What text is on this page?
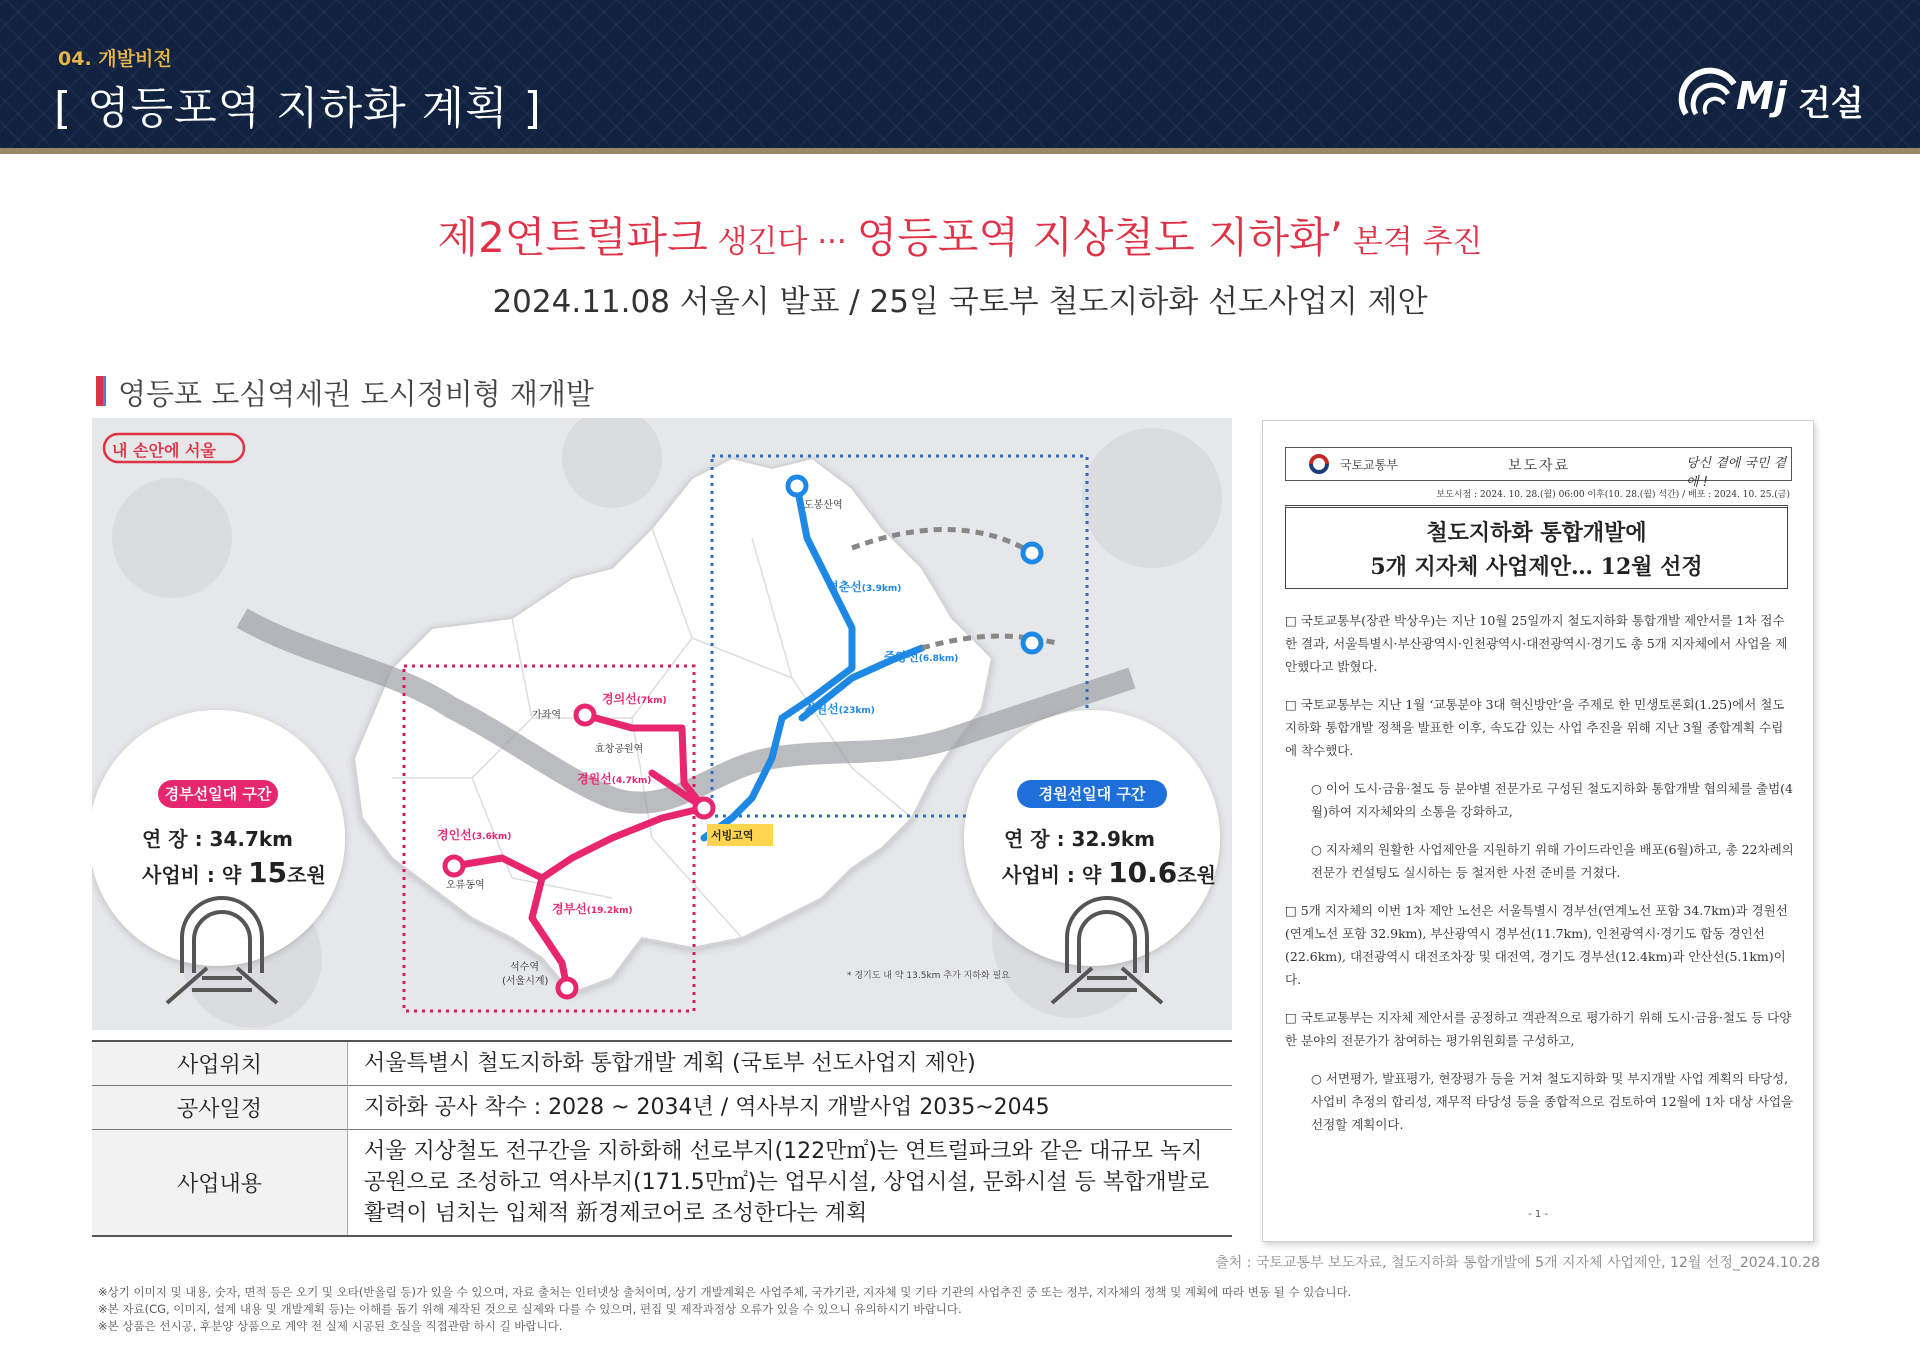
04. 개발비전
[ 영등포역 지하화 계획 ]	Mj 건설
제2연트럴파크 생긴다 ··· 영등포역 지상철도 지하화’ 본격 추진
2024.11.08 서울시 발표 / 25일 국토부 철도지하화 선도사업지 제안
영등포 도심역세권 도시정비형 재개발
내 손안에 서울
경부선일대 구간
연 장 : 34.7km
사업비 : 약 15조원
경원선일대 구간
연 장 : 32.9km
사업비 : 약 10.6조원
도봉산역
가좌역
효창공원역
서빙고역
오류동역
석수역
(서울시계)
경춘선(3.9km)
중앙선(6.8km)
경원선(23km)
경의선(7km)
경원선(4.7km)
경인선(3.6km)
경부선(19.2km)
* 경기도 내 약 13.5km 추가 지하화 필요
사업위치	서울특별시 철도지하화 통합개발 계획 (국토부 선도사업지 제안)
공사일정	지하화 공사 착수 : 2028 ~ 2034년 / 역사부지 개발사업 2035~2045
사업내용	서울 지상철도 전구간을 지하화해 선로부지(122만㎡)는 연트럴파크와 같은 대규모 녹지공원으로 조성하고 역사부지(171.5만㎡)는 업무시설, 상업시설, 문화시설 등 복합개발로 활력이 넘치는 입체적 新경제코어로 조성한다는 계획
국토교통부	보도자료	당신 곁에 국민 곁에 !
보도시점 : 2024. 10. 28.(월) 06:00 이후(10. 28.(월) 석간) / 배포 : 2024. 10. 25.(금)
철도지하화 통합개발에
5개 지자체 사업제안… 12월 선정

□ 국토교통부(장관 박상우)는 지난 10월 25일까지 철도지하화 통합개발 제안서를 1차 접수한 결과, 서울특별시·부산광역시·인천광역시·대전광역시·경기도 총 5개 지자체에서 사업을 제안했다고 밝혔다.

□ 국토교통부는 지난 1월 ‘교통분야 3대 혁신방안’을 주제로 한 민생토론회(1.25)에서 철도지하화 통합개발 정책을 발표한 이후, 속도감 있는 사업 추진을 위해 지난 3월 종합계획 수립에 착수했다.

○ 이어 도시·금융·철도 등 분야별 전문가로 구성된 철도지하화 통합개발 협의체를 출범(4월)하여 지자체와의 소통을 강화하고,

○ 지자체의 원활한 사업제안을 지원하기 위해 가이드라인을 배포(6월)하고, 총 22차례의 전문가 컨설팅도 실시하는 등 철저한 사전 준비를 거쳤다.

□ 5개 지자체의 이번 1차 제안 노선은 서울특별시 경부선(연계노선 포함 34.7km)과 경원선(연계노선 포함 32.9km), 부산광역시 경부선(11.7km), 인천광역시·경기도 합동 경인선(22.6km), 대전광역시 대전조차장 및 대전역, 경기도 경부선(12.4km)과 안산선(5.1km)이다.

□ 국토교통부는 지자체 제안서를 공정하고 객관적으로 평가하기 위해 도시·금융·철도 등 다양한 분야의 전문가가 참여하는 평가위원회를 구성하고,

○ 서면평가, 발표평가, 현장평가 등을 거쳐 철도지하화 및 부지개발 사업 계획의 타당성, 사업비 추정의 합리성, 재무적 타당성 등을 종합적으로 검토하여 12월에 1차 대상 사업을 선정할 계획이다.

- 1 -
출처 : 국토교통부 보도자료, 철도지하화 통합개발에 5개 지자체 사업제안, 12월 선정_2024.10.28
※상기 이미지 및 내용, 숫자, 면적 등은 오기 및 오타(반올림 등)가 있을 수 있으며, 자료 출처는 인터넷상 출처이며, 상기 개발계획은 사업주체, 국가기관, 지자체 및 기타 기관의 사업추진 중 또는 정부, 지자체의 정책 및 계획에 따라 변동 될 수 있습니다.
※본 자료(CG, 이미지, 설계 내용 및 개발계획 등)는 이해를 돕기 위해 제작된 것으로 실제와 다를 수 있으며, 편집 및 제작과정상 오류가 있을 수 있으니 유의하시기 바랍니다.
※본 상품은 선시공, 후분양 상품으로 계약 전 실제 시공된 호실을 직접관람 하시 길 바랍니다.
